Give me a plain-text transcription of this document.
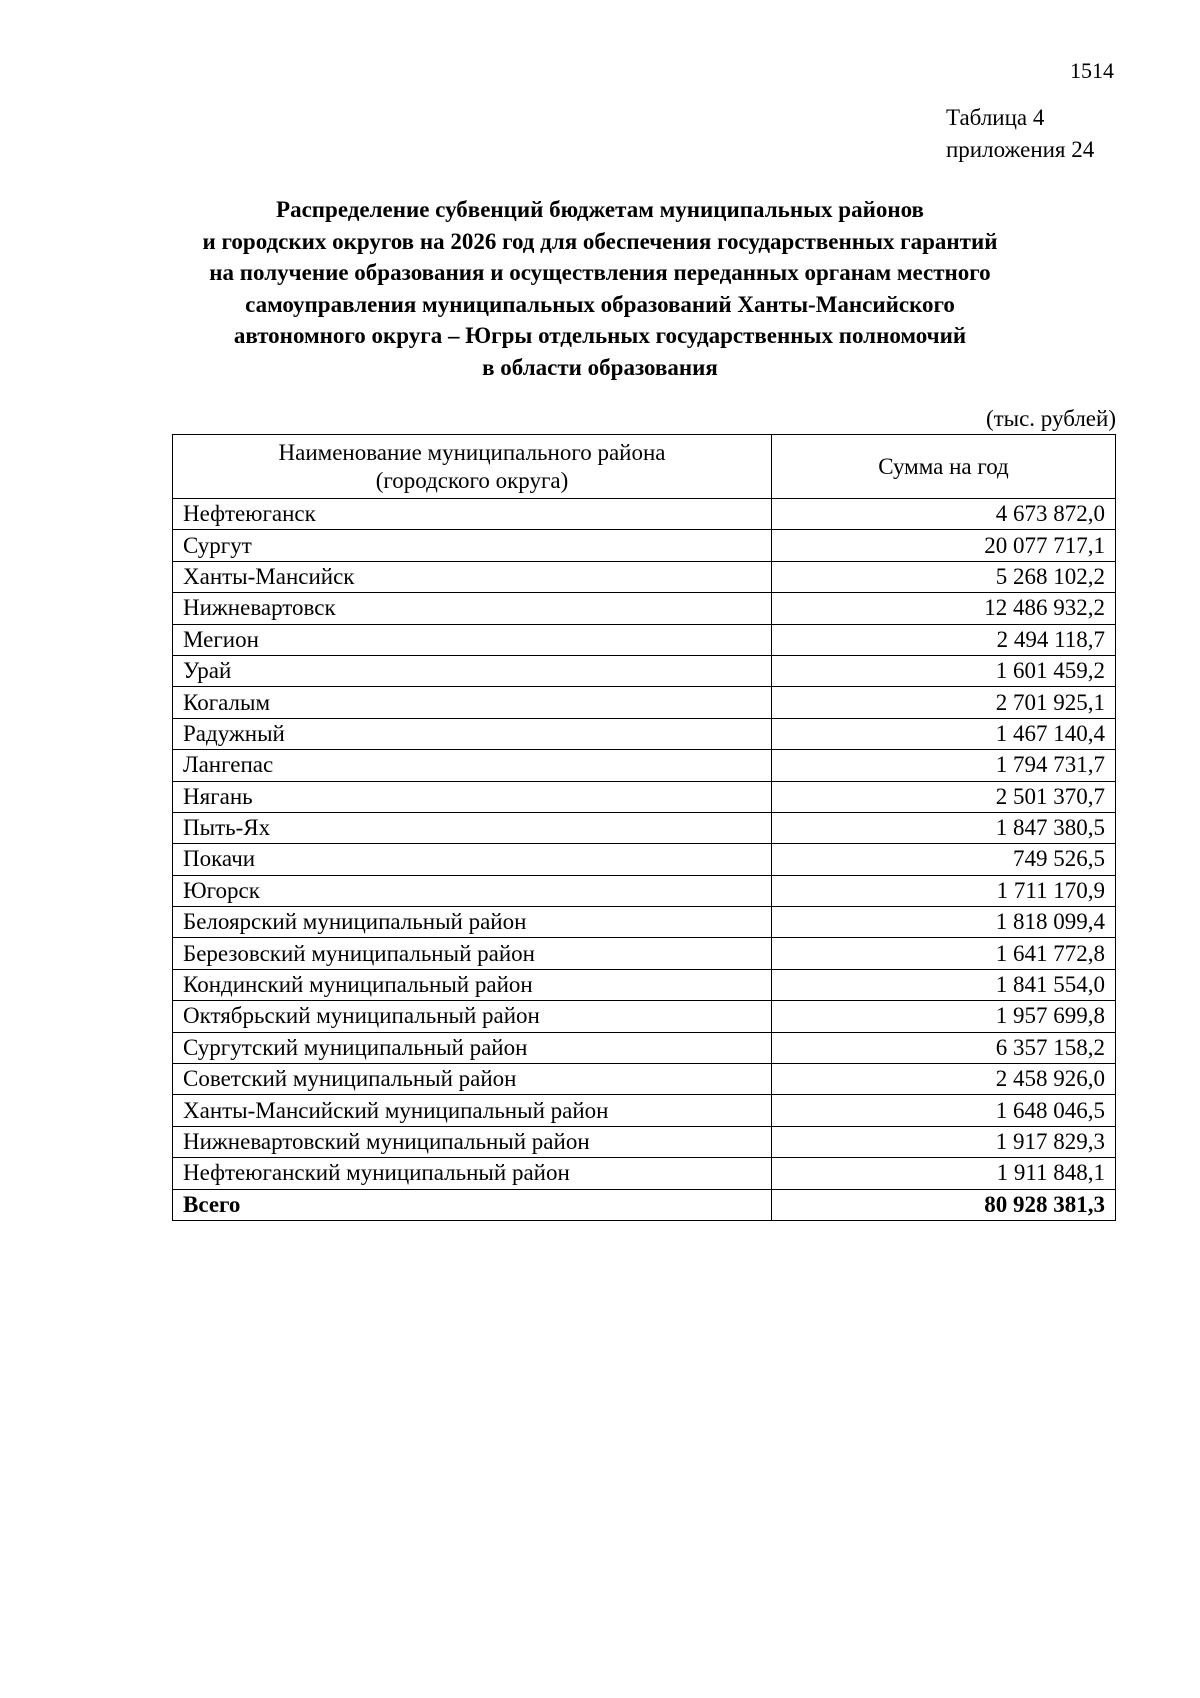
1514
Таблица 4
приложения 24
Распределение субвенций бюджетам муниципальных районов
и городских округов на 2026 год для обеспечения государственных гарантий
на получение образования и осуществления переданных органам местного
самоуправления муниципальных образований Ханты-Мансийского
автономного округа – Югры отдельных государственных полномочий
в области образования
(тыс. рублей)
Наименование муниципального района
(городского округа)	Сумма на год
Нефтеюганск	4 673 872,0
Сургут	20 077 717,1
Ханты-Мансийск	5 268 102,2
Нижневартовск	12 486 932,2
Мегион	2 494 118,7
Урай	1 601 459,2
Когалым	2 701 925,1
Радужный	1 467 140,4
Лангепас	1 794 731,7
Нягань	2 501 370,7
Пыть-Ях	1 847 380,5
Покачи	749 526,5
Югорск	1 711 170,9
Белоярский муниципальный район	1 818 099,4
Березовский муниципальный район	1 641 772,8
Кондинский муниципальный район	1 841 554,0
Октябрьский муниципальный район	1 957 699,8
Сургутский муниципальный район	6 357 158,2
Советский муниципальный район	2 458 926,0
Ханты-Мансийский муниципальный район	1 648 046,5
Нижневартовский муниципальный район	1 917 829,3
Нефтеюганский муниципальный район	1 911 848,1
Всего	80 928 381,3
